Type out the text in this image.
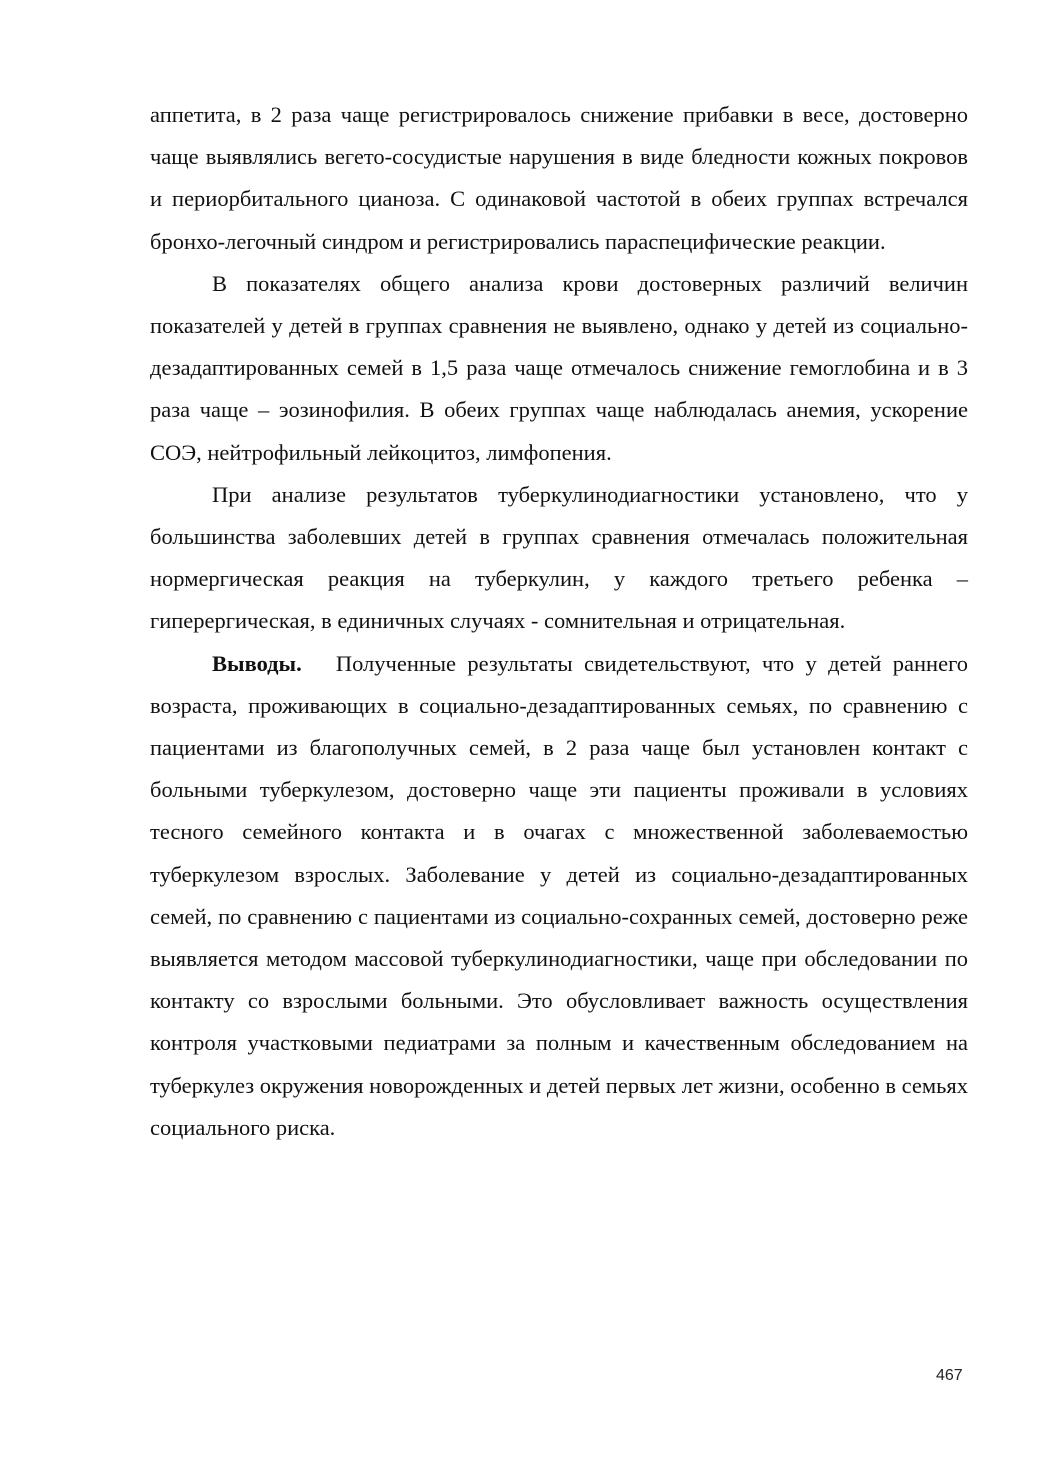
аппетита, в 2 раза чаще регистрировалось снижение прибавки в весе, достоверно чаще выявлялись вегето-сосудистые нарушения в виде бледности кожных покровов и периорбитального цианоза. С одинаковой частотой в обеих группах встречался бронхо-легочный синдром и регистрировались параспецифические реакции.

В показателях общего анализа крови достоверных различий величин показателей у детей в группах сравнения не выявлено, однако у детей из социально-дезадаптированных семей в 1,5 раза чаще отмечалось снижение гемоглобина и в 3 раза чаще – эозинофилия. В обеих группах чаще наблюдалась анемия, ускорение СОЭ, нейтрофильный лейкоцитоз, лимфопения.

При анализе результатов туберкулинодиагностики установлено, что у большинства заболевших детей в группах сравнения отмечалась положительная нормергическая реакция на туберкулин, у каждого третьего ребенка – гиперергическая, в единичных случаях - сомнительная и отрицательная.

Выводы. Полученные результаты свидетельствуют, что у детей раннего возраста, проживающих в социально-дезадаптированных семьях, по сравнению с пациентами из благополучных семей, в 2 раза чаще был установлен контакт с больными туберкулезом, достоверно чаще эти пациенты проживали в условиях тесного семейного контакта и в очагах с множественной заболеваемостью туберкулезом взрослых. Заболевание у детей из социально-дезадаптированных семей, по сравнению с пациентами из социально-сохранных семей, достоверно реже выявляется методом массовой туберкулинодиагностики, чаще при обследовании по контакту со взрослыми больными. Это обусловливает важность осуществления контроля участковыми педиатрами за полным и качественным обследованием на туберкулез окружения новорожденных и детей первых лет жизни, особенно в семьях социального риска.

467
